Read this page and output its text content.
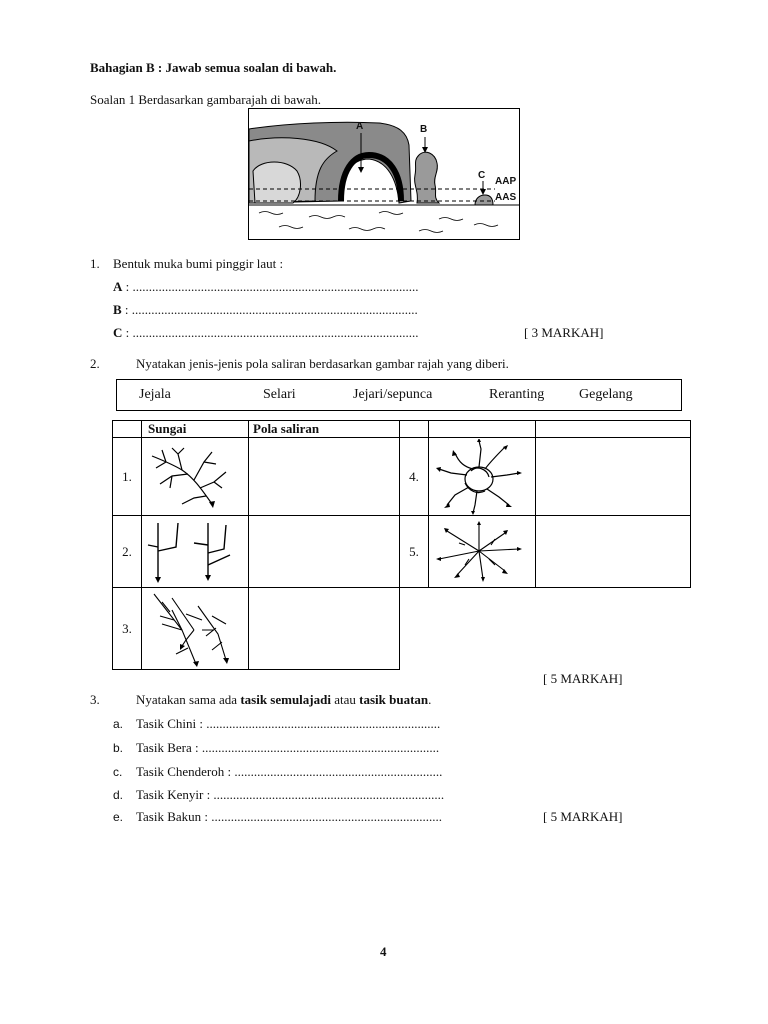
Bahagian B : Jawab semua soalan di bawah.
Soalan 1 Berdasarkan gambarajah di bawah.
A	B
C
AAP
AAS
1. Bentuk muka bumi pinggir laut :
A : ........................................................................................
B : ........................................................................................
C : ........................................................................................	[ 3 MARKAH]
2.	Nyatakan jenis-jenis pola saliran berdasarkan gambar rajah yang diberi.
Jejala	Selari	Jejari/sepunca	Reranting Gegelang
	Sungai	Pola saliran			
1.			4.	

2.			5.	

3.	

[ 5 MARKAH]
3.	Nyatakan sama ada tasik semulajadi atau tasik buatan.
a. Tasik Chini : ........................................................................
b. Tasik Bera : .........................................................................
c. Tasik Chenderoh : ................................................................
d. Tasik Kenyir : .......................................................................
e. Tasik Bakun : .......................................................................	[ 5 MARKAH]
4
